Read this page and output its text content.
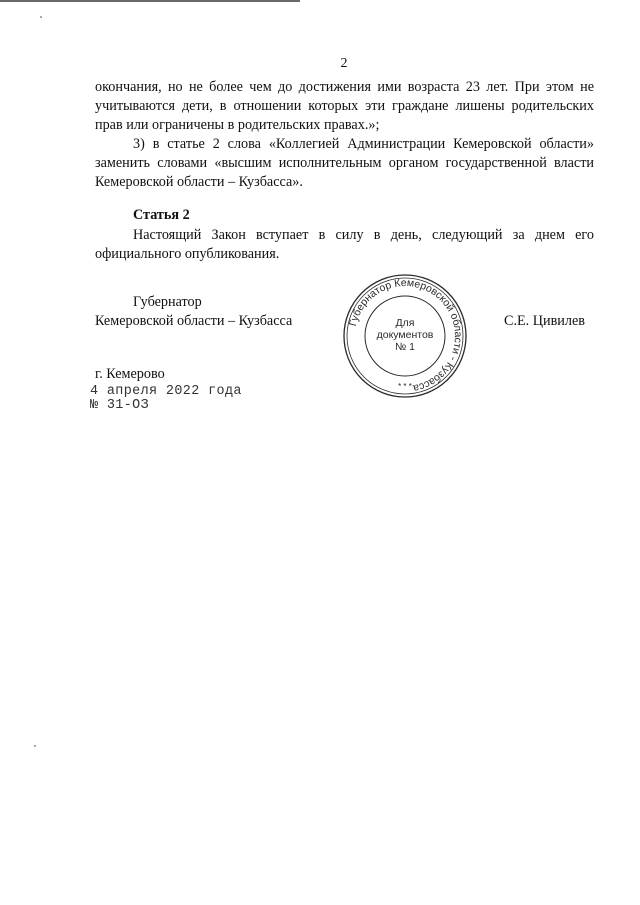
2

окончания, но не более чем до достижения ими возраста 23 лет. При этом не учитываются дети, в отношении которых эти граждане лишены родительских прав или ограничены в родительских правах.»;

3) в статье 2 слова «Коллегией Администрации Кемеровской области» заменить словами «высшим исполнительным органом государственной власти Кемеровской области – Кузбасса».

Статья 2

Настоящий Закон вступает в силу в день, следующий за днем его официального опубликования.

Губернатор
Кемеровской области – Кузбасса	С.Е. Цивилев
Губернатор Кемеровской области - Кузбасса
Для
документов
№ 1
* * *
г. Кемерово
4 апреля 2022 года
№ 31-ОЗ
